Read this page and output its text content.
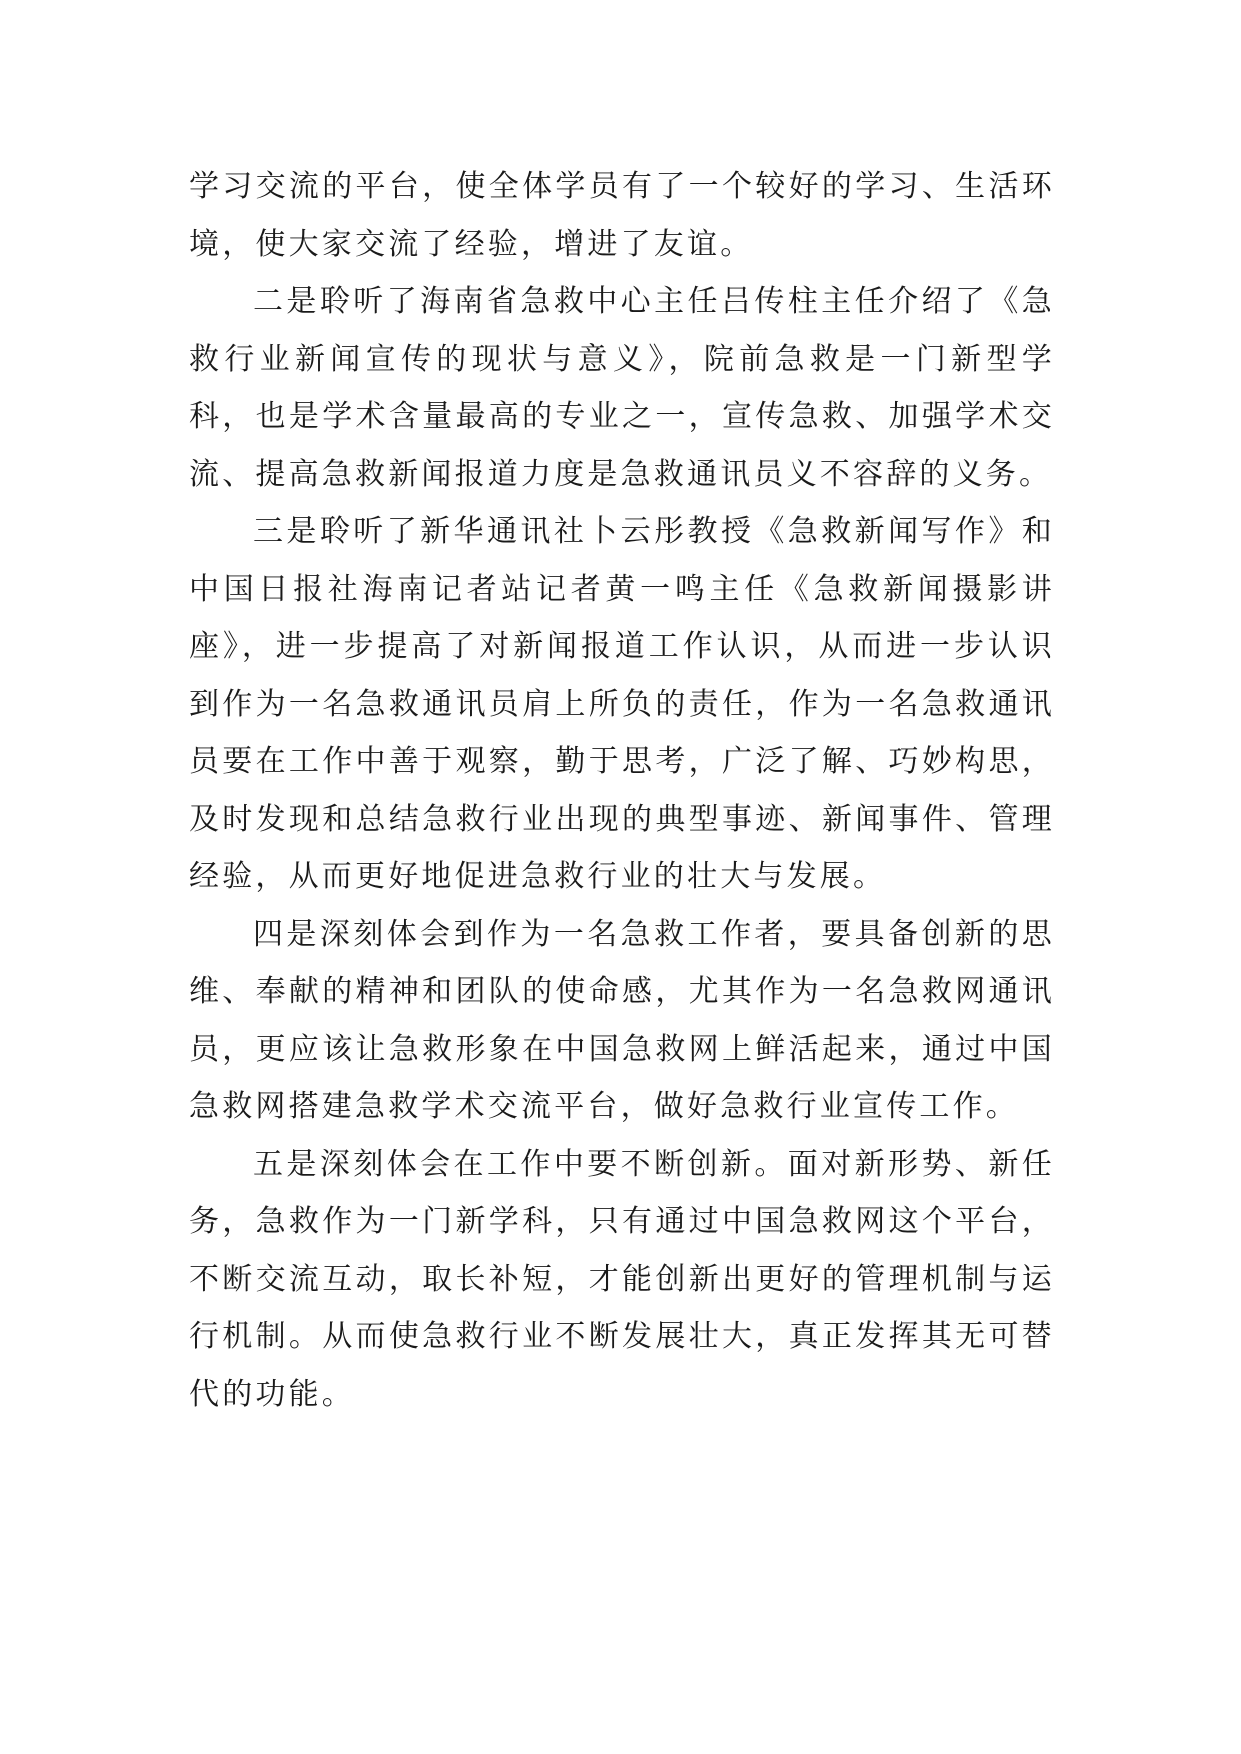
学习交流的平台，使全体学员有了一个较好的学习、生活环境，使大家交流了经验，增进了友谊。

二是聆听了海南省急救中心主任吕传柱主任介绍了《急救行业新闻宣传的现状与意义》，院前急救是一门新型学科，也是学术含量最高的专业之一，宣传急救、加强学术交流、提高急救新闻报道力度是急救通讯员义不容辞的义务。

三是聆听了新华通讯社卜云彤教授《急救新闻写作》和中国日报社海南记者站记者黄一鸣主任《急救新闻摄影讲座》，进一步提高了对新闻报道工作认识，从而进一步认识到作为一名急救通讯员肩上所负的责任，作为一名急救通讯员要在工作中善于观察，勤于思考，广泛了解、巧妙构思，及时发现和总结急救行业出现的典型事迹、新闻事件、管理经验，从而更好地促进急救行业的壮大与发展。

四是深刻体会到作为一名急救工作者，要具备创新的思维、奉献的精神和团队的使命感，尤其作为一名急救网通讯员，更应该让急救形象在中国急救网上鲜活起来，通过中国急救网搭建急救学术交流平台，做好急救行业宣传工作。

五是深刻体会在工作中要不断创新。面对新形势、新任务，急救作为一门新学科，只有通过中国急救网这个平台，不断交流互动，取长补短，才能创新出更好的管理机制与运行机制。从而使急救行业不断发展壮大，真正发挥其无可替代的功能。
